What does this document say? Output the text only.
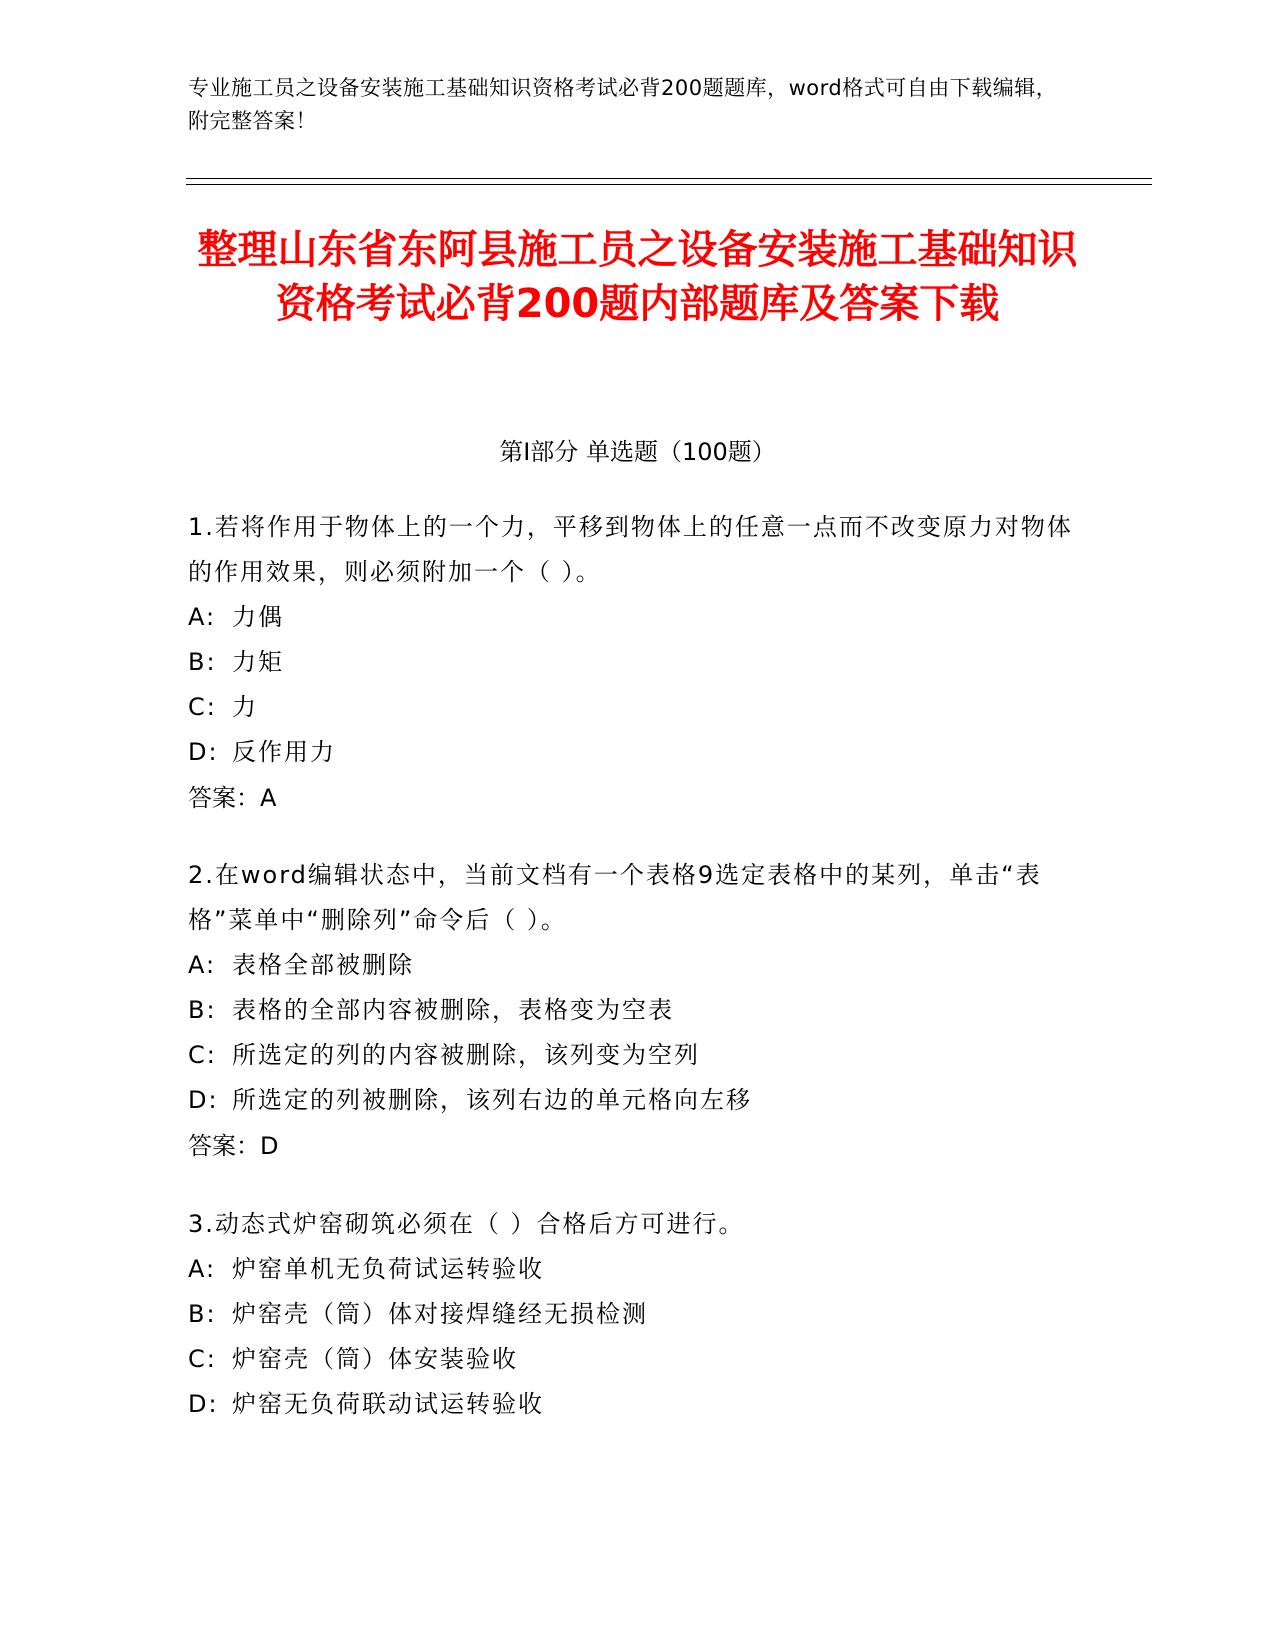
专业施工员之设备安装施工基础知识资格考试必背200题题库，word格式可自由下载编辑，附完整答案！
整理山东省东阿县施工员之设备安装施工基础知识资格考试必背200题内部题库及答案下载
第Ⅰ部分 单选题（100题）
1.若将作用于物体上的一个力，平移到物体上的任意一点而不改变原力对物体的作用效果，则必须附加一个（ ）。
A: 力偶
B: 力矩
C: 力
D: 反作用力
答案：A
2.在word编辑状态中，当前文档有一个表格9选定表格中的某列，单击“表格”菜单中“删除列”命令后（ ）。
A: 表格全部被删除
B: 表格的全部内容被删除，表格变为空表
C: 所选定的列的内容被删除，该列变为空列
D: 所选定的列被删除，该列右边的单元格向左移
答案：D
3.动态式炉窑砌筑必须在（ ）合格后方可进行。
A: 炉窑单机无负荷试运转验收
B: 炉窑壳（筒）体对接焊缝经无损检测
C: 炉窑壳（筒）体安装验收
D: 炉窑无负荷联动试运转验收
